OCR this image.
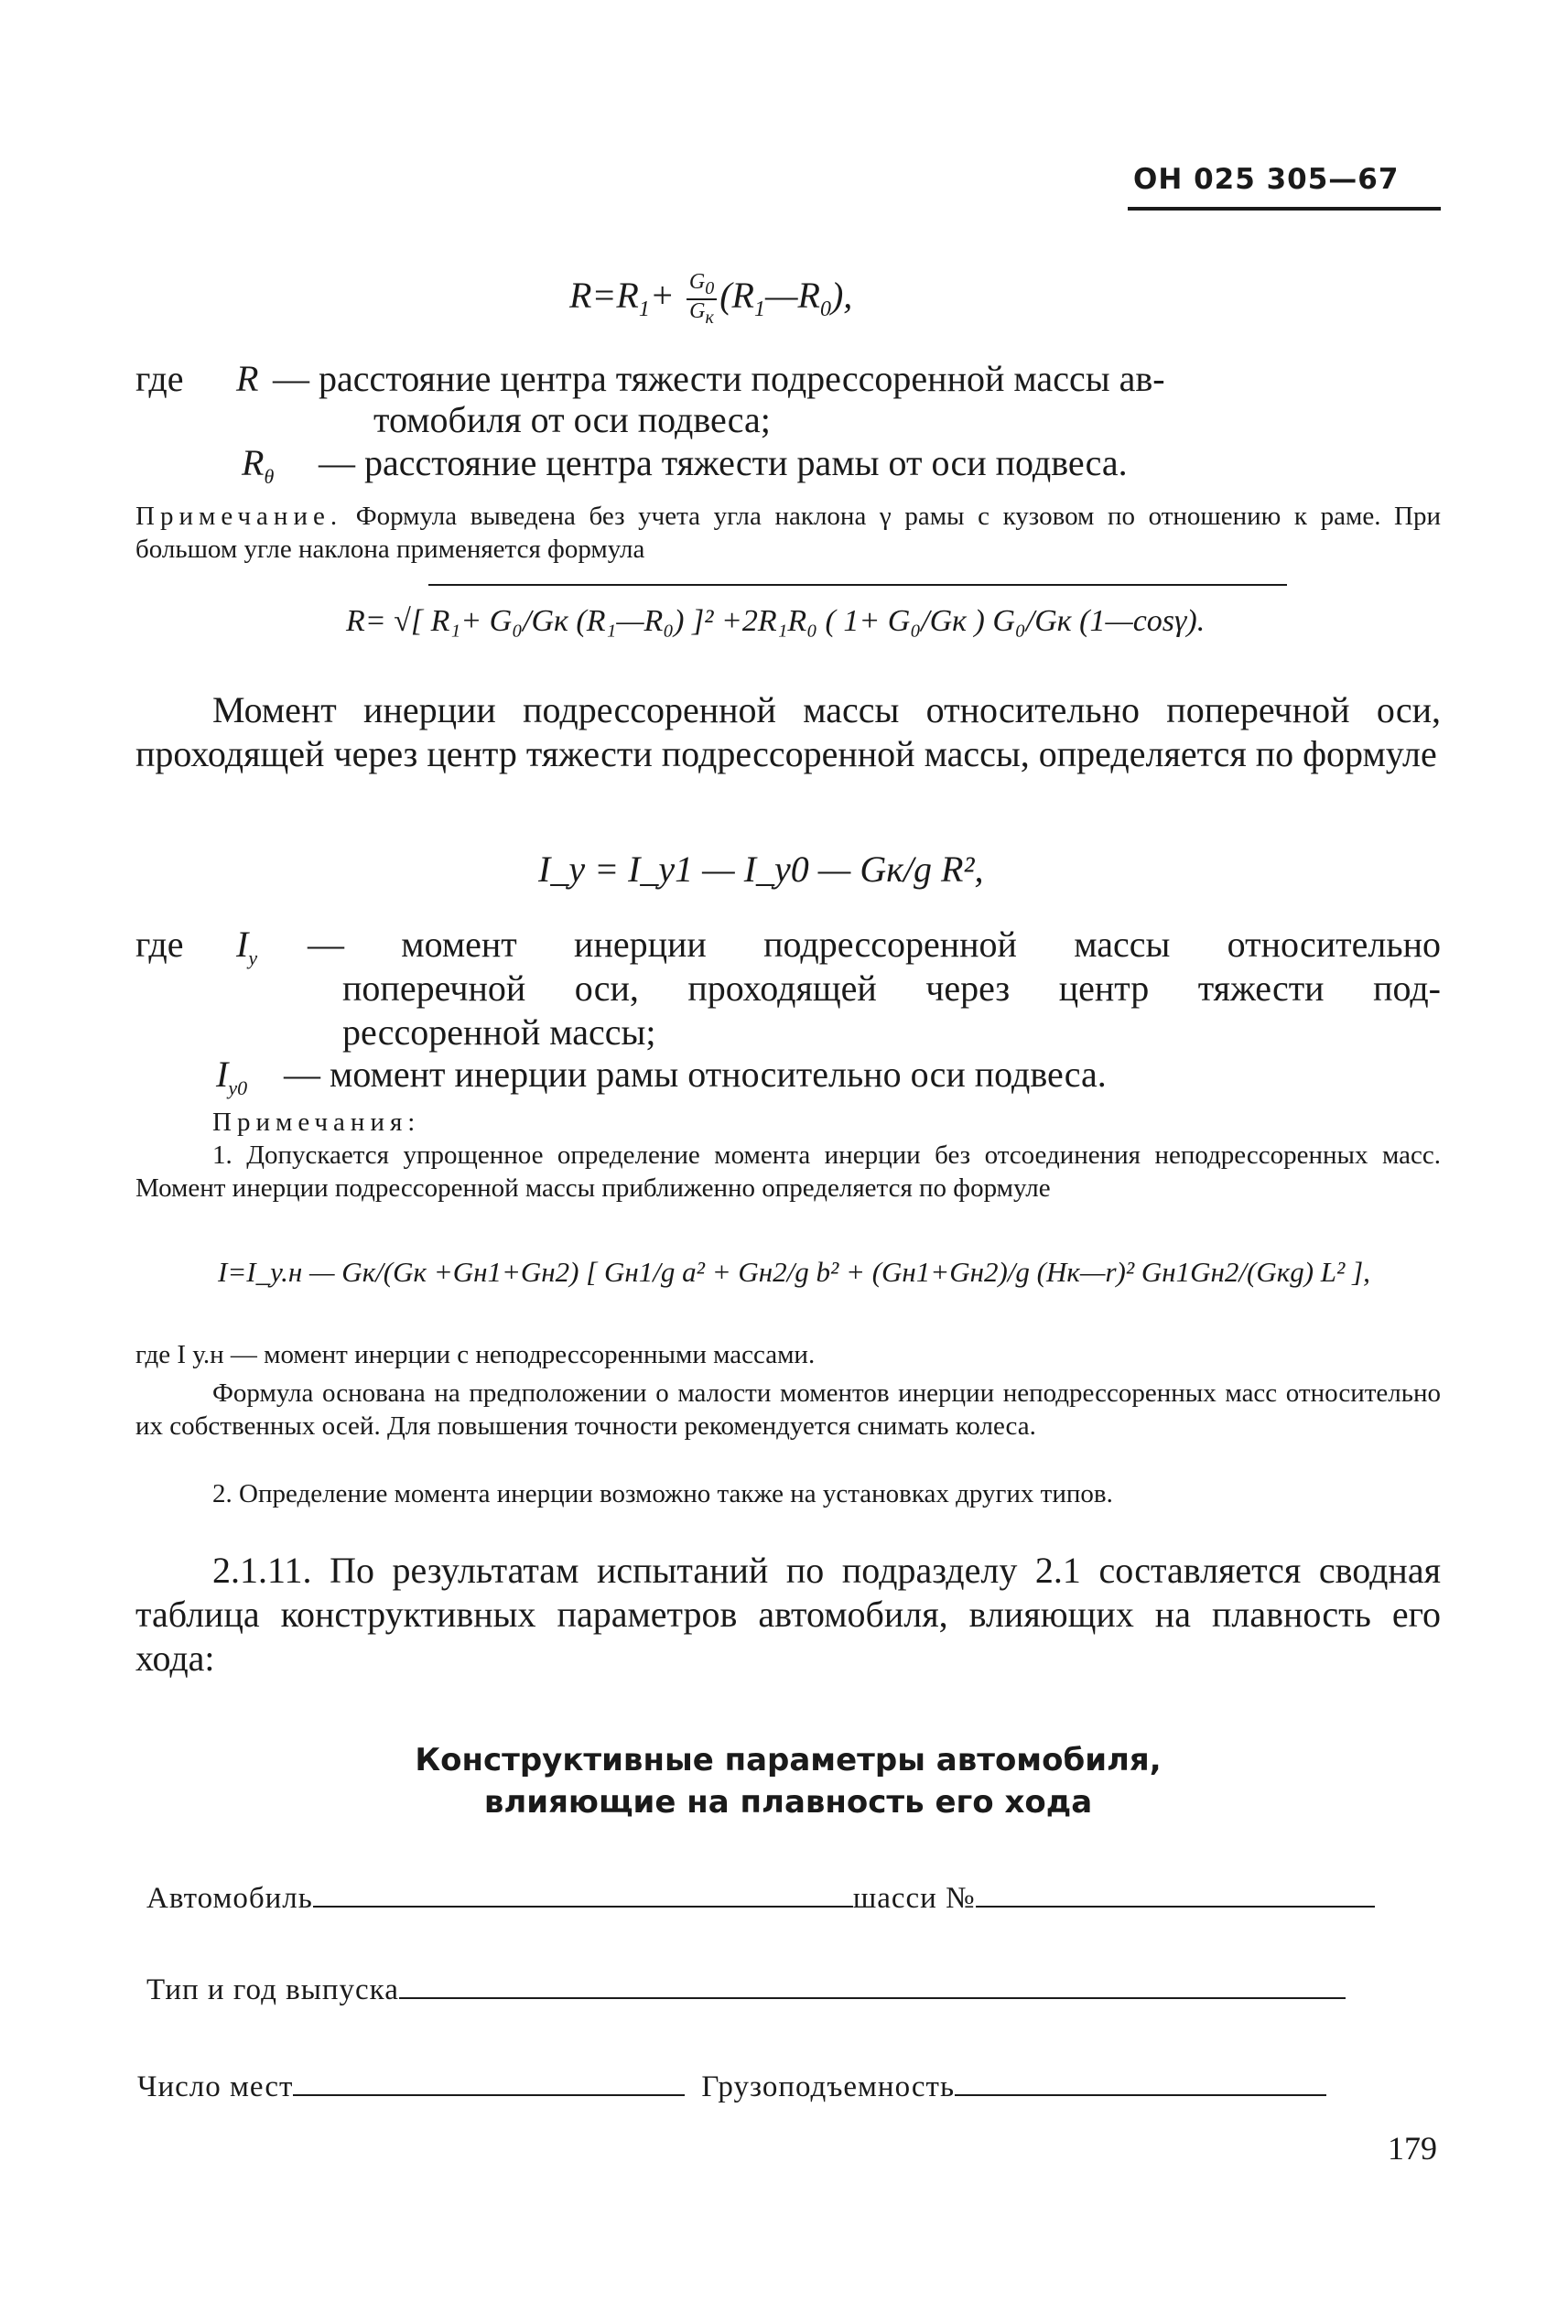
ОН 025 305—67
$R=R_1+ \frac{G_0}{G_к}$ $(R_1—R_0)$,
где R — расстояние центра тяжести подрессоренной массы ав-
томобиля от оси подвеса;
$R_\theta$ — расстояние центра тяжести рамы от оси подвеса.
Примечание. Формула выведена без учета угла наклона γ рамы с кузовом по отношению к раме. При большом угле наклона применяется формула
R= √[ R₁+ G₀/Gк (R₁—R₀) ]² +2R₁R₀ ( 1+ G₀/Gк ) G₀/Gк (1—cosγ).
Момент инерции подрессоренной массы относительно поперечной оси, проходящей через центр тяжести подрессоренной массы, определяется по формуле
I_y = I_y1 — I_y0 — Gк/g R²,
где $I_y$ — момент инерции подрессоренной массы относительно
поперечной оси, проходящей через центр тяжести под-
рессоренной массы;
$I_{y0}$ — момент инерции рамы относительно оси подвеса.
Примечания:
1. Допускается упрощенное определение момента инерции без отсоединения неподрессоренных масс. Момент инерции подрессоренной массы приближенно определяется по формуле
I=I_y.н — Gк/(Gк +Gн1+Gн2) [ Gн1/g a² + Gн2/g b² + (Gн1+Gн2)/g (Hк—r)² Gн1Gн2/(Gкg) L² ],
где I у.н — момент инерции с неподрессоренными массами.
Формула основана на предположении о малости моментов инерции неподрессоренных масс относительно их собственных осей. Для повышения точности рекомендуется снимать колеса.
2. Определение момента инерции возможно также на установках других типов.
2.1.11. По результатам испытаний по подразделу 2.1 составляется сводная таблица конструктивных параметров автомобиля, влияющих на плавность его хода:
Конструктивные параметры автомобиля,
влияющие на плавность его хода
Автомобиль	шасси №
Тип и год выпуска
Число мест	Грузоподъемность
179
